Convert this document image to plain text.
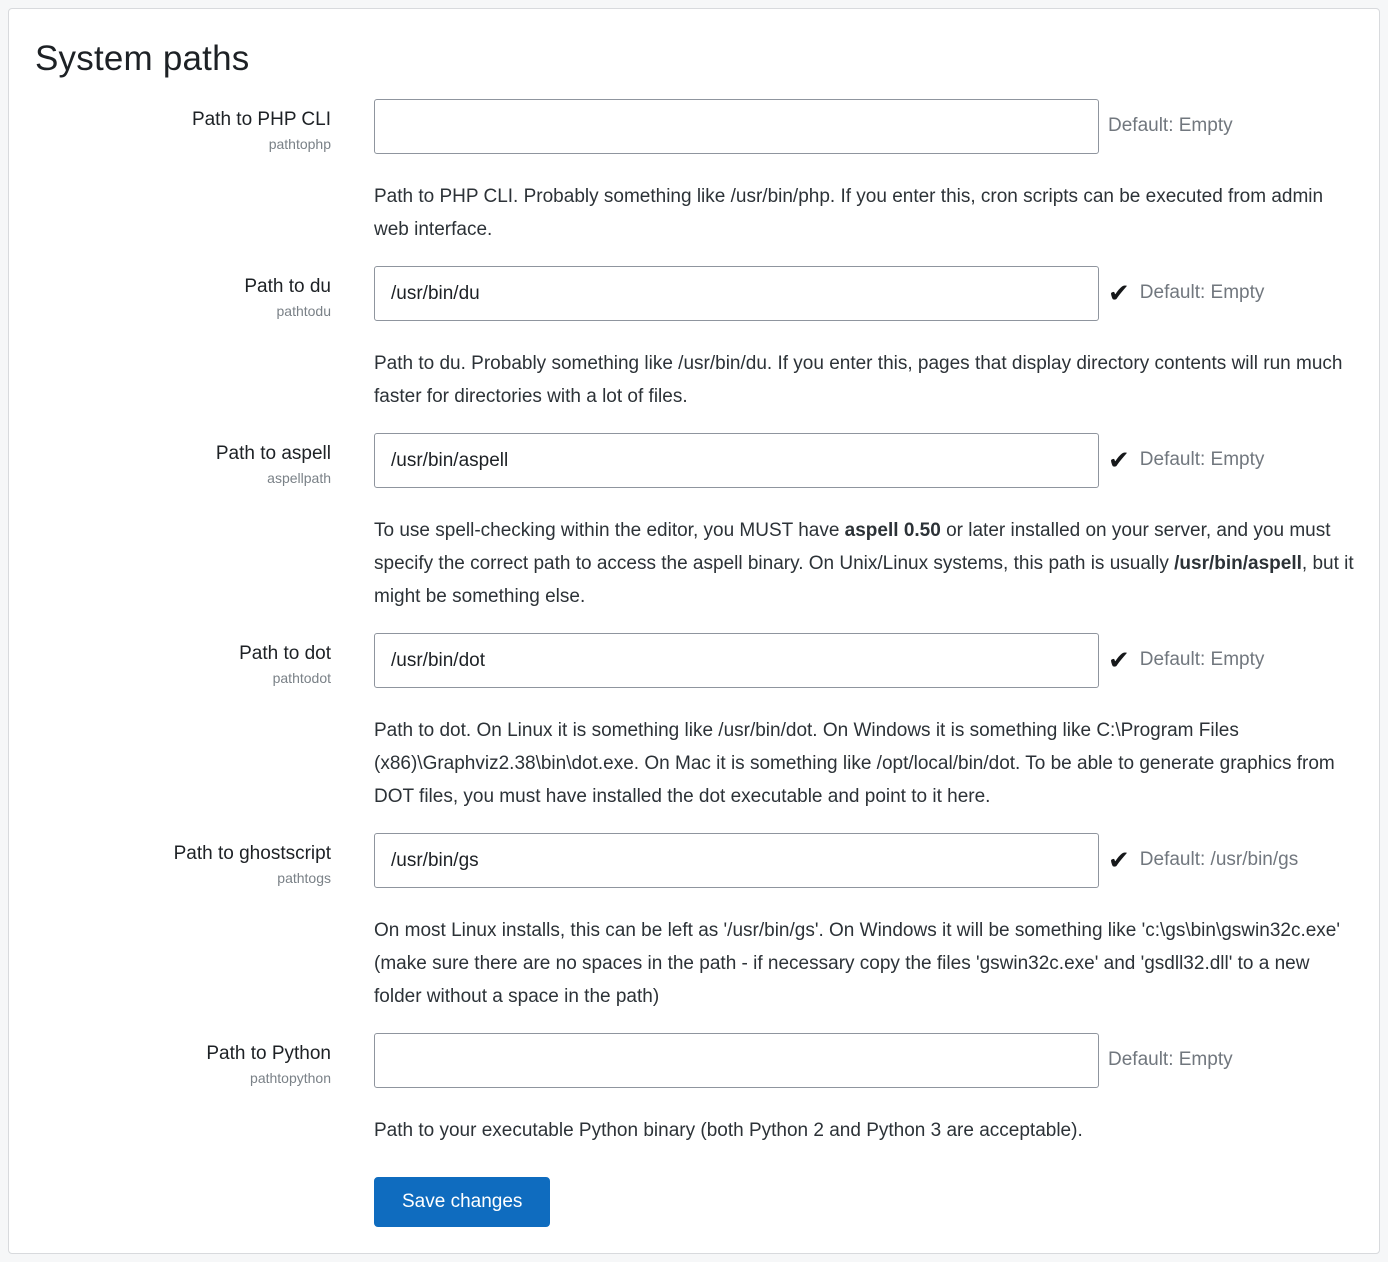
System paths
Path to PHP CLI
pathtophp
Default: Empty
Path to PHP CLI. Probably something like /usr/bin/php. If you enter this, cron scripts can be executed from admin web interface.
Path to du
pathtodu
/usr/bin/du
✔ Default: Empty
Path to du. Probably something like /usr/bin/du. If you enter this, pages that display directory contents will run much faster for directories with a lot of files.
Path to aspell
aspellpath
/usr/bin/aspell
✔ Default: Empty
To use spell-checking within the editor, you MUST have aspell 0.50 or later installed on your server, and you must specify the correct path to access the aspell binary. On Unix/Linux systems, this path is usually /usr/bin/aspell, but it might be something else.
Path to dot
pathtodot
/usr/bin/dot
✔ Default: Empty
Path to dot. On Linux it is something like /usr/bin/dot. On Windows it is something like C:\Program Files (x86)\Graphviz2.38\bin\dot.exe. On Mac it is something like /opt/local/bin/dot. To be able to generate graphics from DOT files, you must have installed the dot executable and point to it here.
Path to ghostscript
pathtogs
/usr/bin/gs
✔ Default: /usr/bin/gs
On most Linux installs, this can be left as '/usr/bin/gs'. On Windows it will be something like 'c:\gs\bin\gswin32c.exe' (make sure there are no spaces in the path - if necessary copy the files 'gswin32c.exe' and 'gsdll32.dll' to a new folder without a space in the path)
Path to Python
pathtopython
Default: Empty
Path to your executable Python binary (both Python 2 and Python 3 are acceptable).
Save changes
